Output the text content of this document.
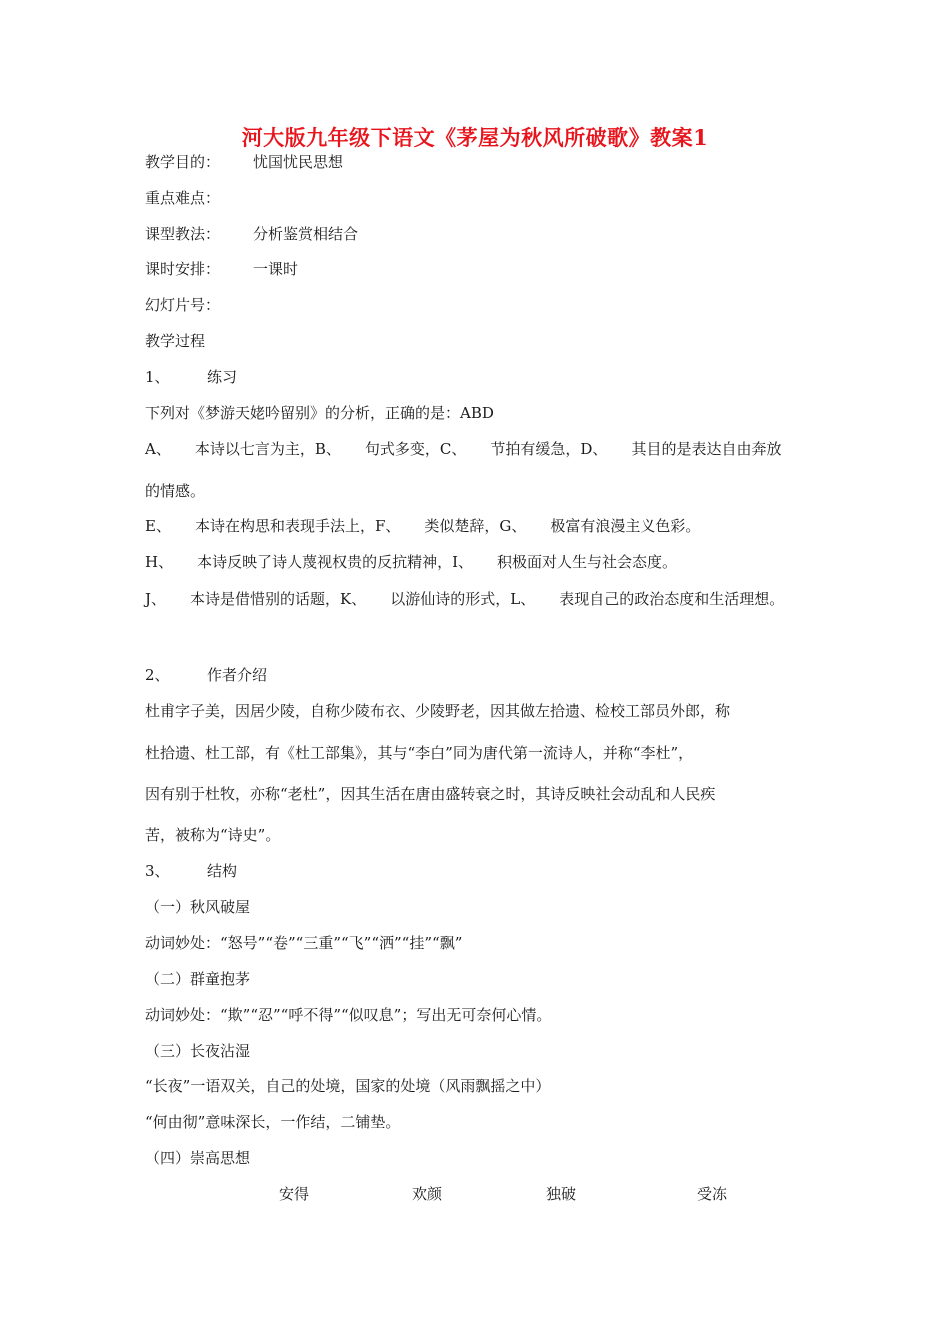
河大版九年级下语文《茅屋为秋风所破歌》教案1
教学目的： 忧国忧民思想
重点难点：
课型教法： 分析鉴赏相结合
课时安排： 一课时
幻灯片号：
教学过程
1、	练习
下列对《梦游天姥吟留别》的分析，正确的是：ABD
A、 本诗以七言为主，B、 句式多变，C、 节拍有缓急，D、 其目的是表达自由奔放
的情感。
E、 本诗在构思和表现手法上，F、 类似楚辞，G、 极富有浪漫主义色彩。
H、 本诗反映了诗人蔑视权贵的反抗精神，I、 积极面对人生与社会态度。
J、 本诗是借惜别的话题，K、 以游仙诗的形式，L、 表现自己的政治态度和生活理想。
2、	作者介绍
杜甫字子美，因居少陵，自称少陵布衣、少陵野老，因其做左拾遗、检校工部员外郎，称
杜拾遗、杜工部，有《杜工部集》，其与“李白”同为唐代第一流诗人，并称“李杜”，
因有别于杜牧，亦称“老杜”，因其生活在唐由盛转衰之时，其诗反映社会动乱和人民疾
苦，被称为“诗史”。
3、	结构
（一）秋风破屋
动词妙处：“怒号”“卷”“三重”“飞”“洒”“挂”“飘”
（二）群童抱茅
动词妙处：“欺”“忍”“呼不得”“似叹息”；写出无可奈何心情。
（三）长夜沾湿
“长夜”一语双关，自己的处境，国家的处境（风雨飘摇之中）
“何由彻”意味深长，一作结，二铺垫。
（四）崇高思想
安得	欢颜	独破	受冻
